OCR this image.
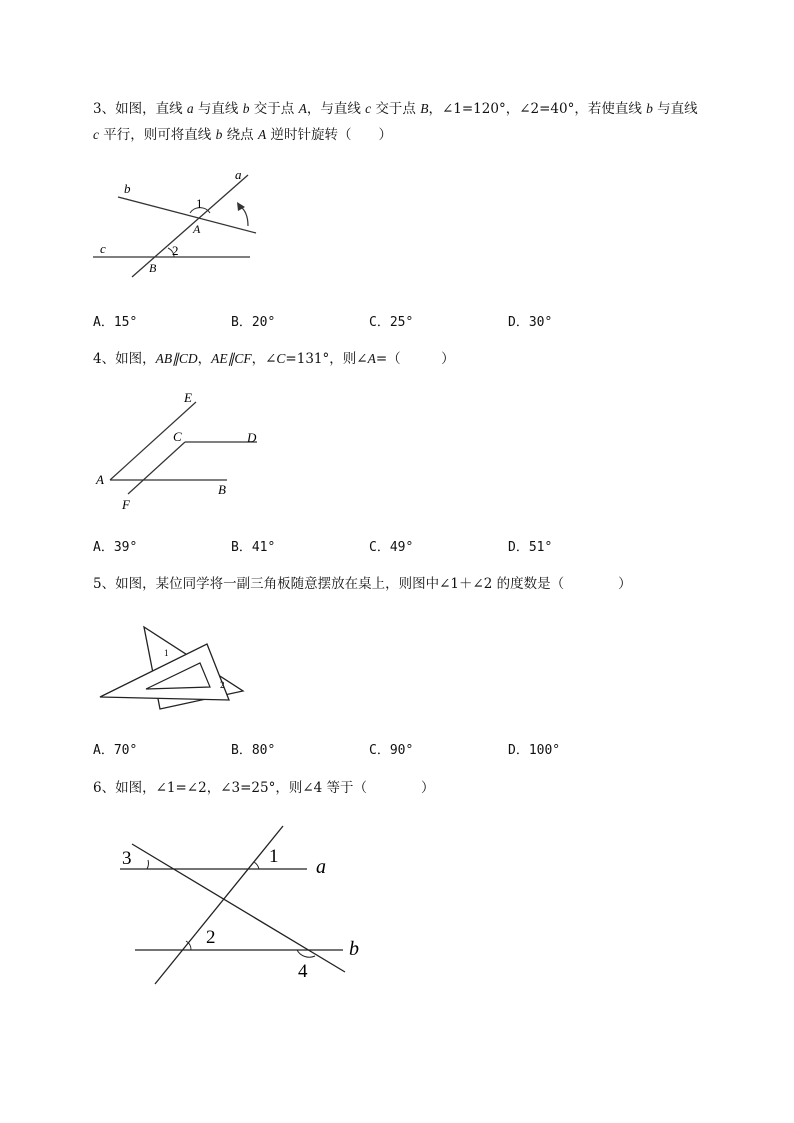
3、如图，直线 a 与直线 b 交于点 A，与直线 c 交于点 B，∠1=120°，∠2=40°，若使直线 b 与直线
c 平行，则可将直线 b 绕点 A 逆时针旋转（　　）
a
b
c
1
2
A
B
A．15°	B．20°	C．25°	D．30°
4、如图，AB∥CD，AE∥CF，∠C=131°，则∠A=（　　　）
E
C	D
A
B
F
A．39°	B．41°	C．49°	D．51°
5、如图，某位同学将一副三角板随意摆放在桌上，则图中∠1＋∠2 的度数是（　　　　）
1
2
A．70°	B．80°	C．90°	D．100°
6、如图，∠1=∠2，∠3=25°，则∠4 等于（　　　　）
3	1 a
2
b
4
